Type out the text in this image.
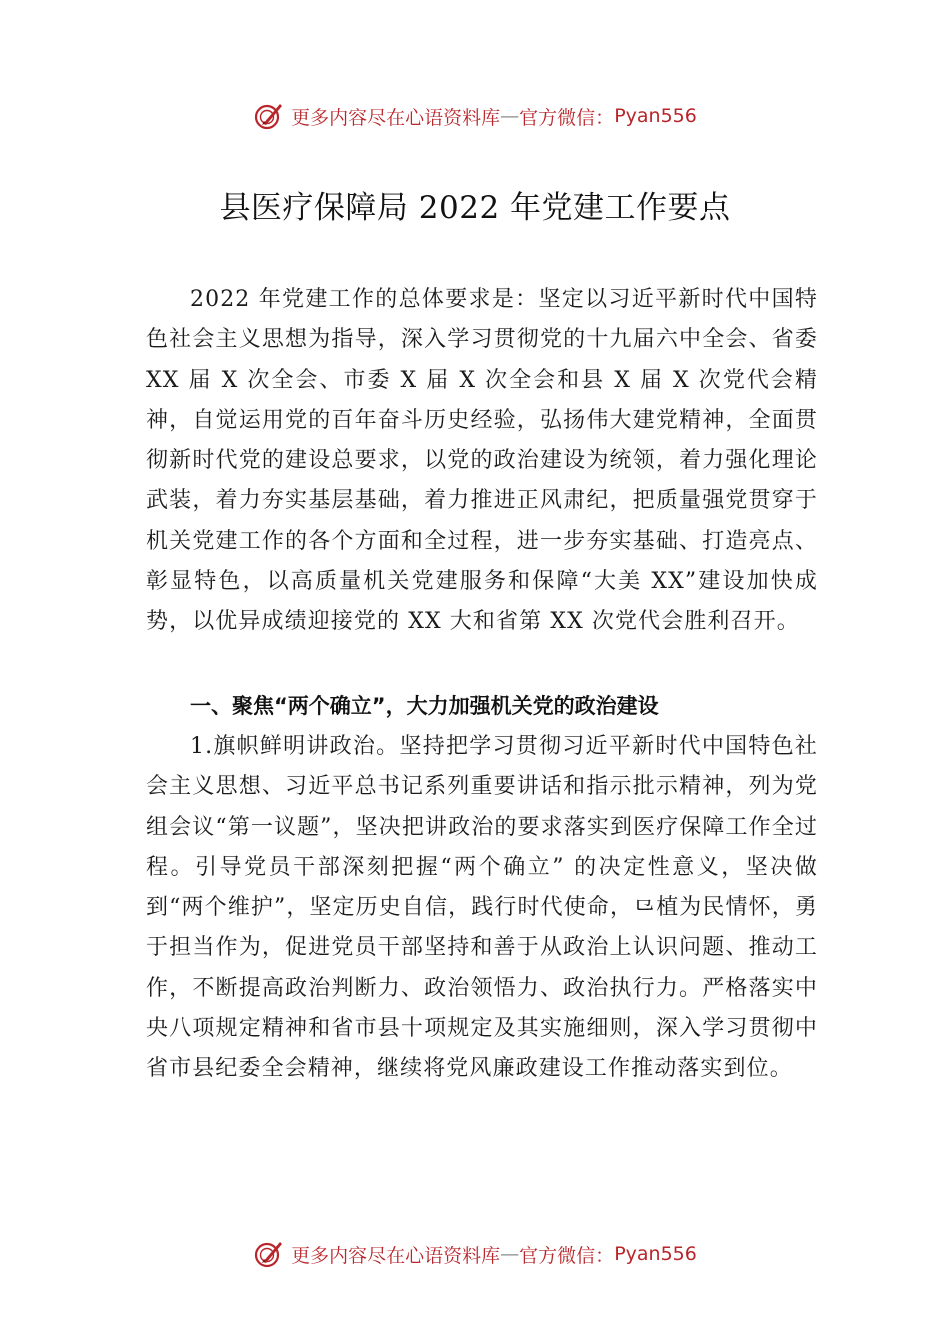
更多内容尽在心语资料库 — 官方微信： Pyan556
县医疗保障局 2022 年党建工作要点
2022 年党建工作的总体要求是：坚定以习近平新时代中国特色社会主义思想为指导，深入学习贯彻党的十九届六中全会、省委 XX 届 X 次全会、市委 X 届 X 次全会和县 X 届 X 次党代会精神，自觉运用党的百年奋斗历史经验，弘扬伟大建党精神，全面贯彻新时代党的建设总要求，以党的政治建设为统领，着力强化理论武装，着力夯实基层基础，着力推进正风肃纪，把质量强党贯穿于机关党建工作的各个方面和全过程，进一步夯实基础、打造亮点、彰显特色，以高质量机关党建服务和保障“大美 XX”建设加快成势，以优异成绩迎接党的 XX 大和省第 XX 次党代会胜利召开。
一、聚焦“两个确立”，大力加强机关党的政治建设
1.旗帜鲜明讲政治。坚持把学习贯彻习近平新时代中国特色社会主义思想、习近平总书记系列重要讲话和指示批示精神，列为党组会议“第一议题”，坚决把讲政治的要求落实到医疗保障工作全过程。引导党员干部深刻把握“两个确立” 的决定性意义，坚决做到“两个维护”，坚定历史自信，践行时代使命，⺋植为民情怀，勇于担当作为，促进党员干部坚持和善于从政治上认识问题、推动工作，不断提高政治判断力、政治领悟力、政治执行力。严格落实中央八项规定精神和省市县十项规定及其实施细则，深入学习贯彻中省市县纪委全会精神，继续将党风廉政建设工作推动落实到位。
更多内容尽在心语资料库 — 官方微信： Pyan556
